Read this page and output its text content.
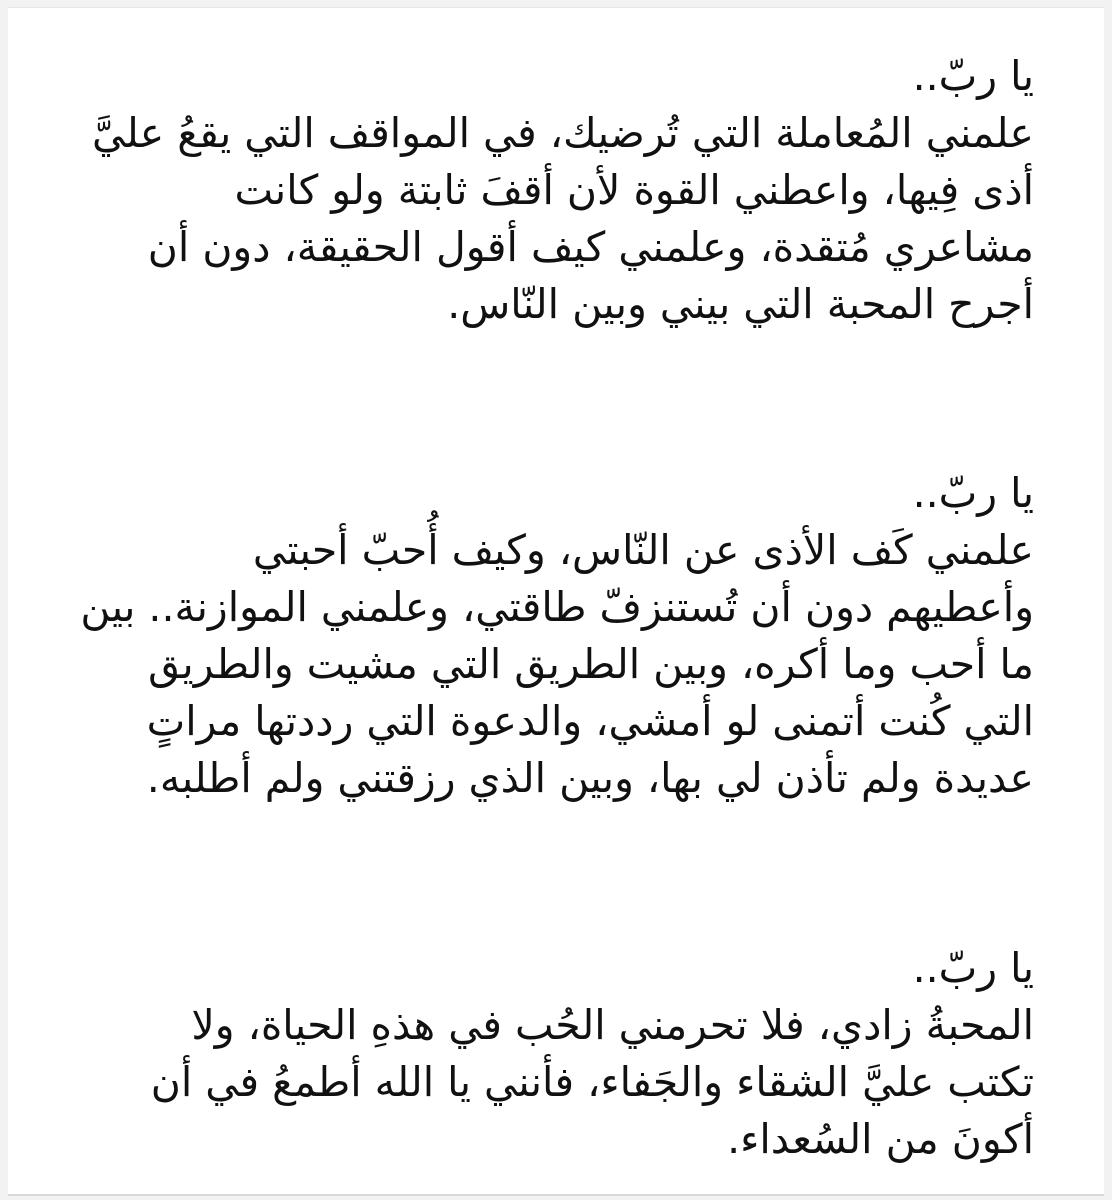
يا ربّ..
علمني المُعاملة التي تُرضيك، في المواقف التي يقعُ عليَّ
أذى فِيها، واعطني القوة لأن أقفَ ثابتة ولو كانت
مشاعري مُتقدة، وعلمني كيف أقول الحقيقة، دون أن
أجرح المحبة التي بيني وبين النّاس.
يا ربّ..
علمني كَف الأذى عن النّاس، وكيف أُحبّ أحبتي
وأعطيهم دون أن تُستنزفّ طاقتي، وعلمني الموازنة.. بين
ما أحب وما أكره، وبين الطريق التي مشيت والطريق
التي كُنت أتمنى لو أمشي، والدعوة التي رددتها مراتٍ
عديدة ولم تأذن لي بها، وبين الذي رزقتني ولم أطلبه.
يا ربّ..
المحبةُ زادي، فلا تحرمني الحُب في هذهِ الحياة، ولا
تكتب عليَّ الشقاء والجَفاء، فأنني يا الله أطمعُ في أن
أكونَ من السُعداء.
